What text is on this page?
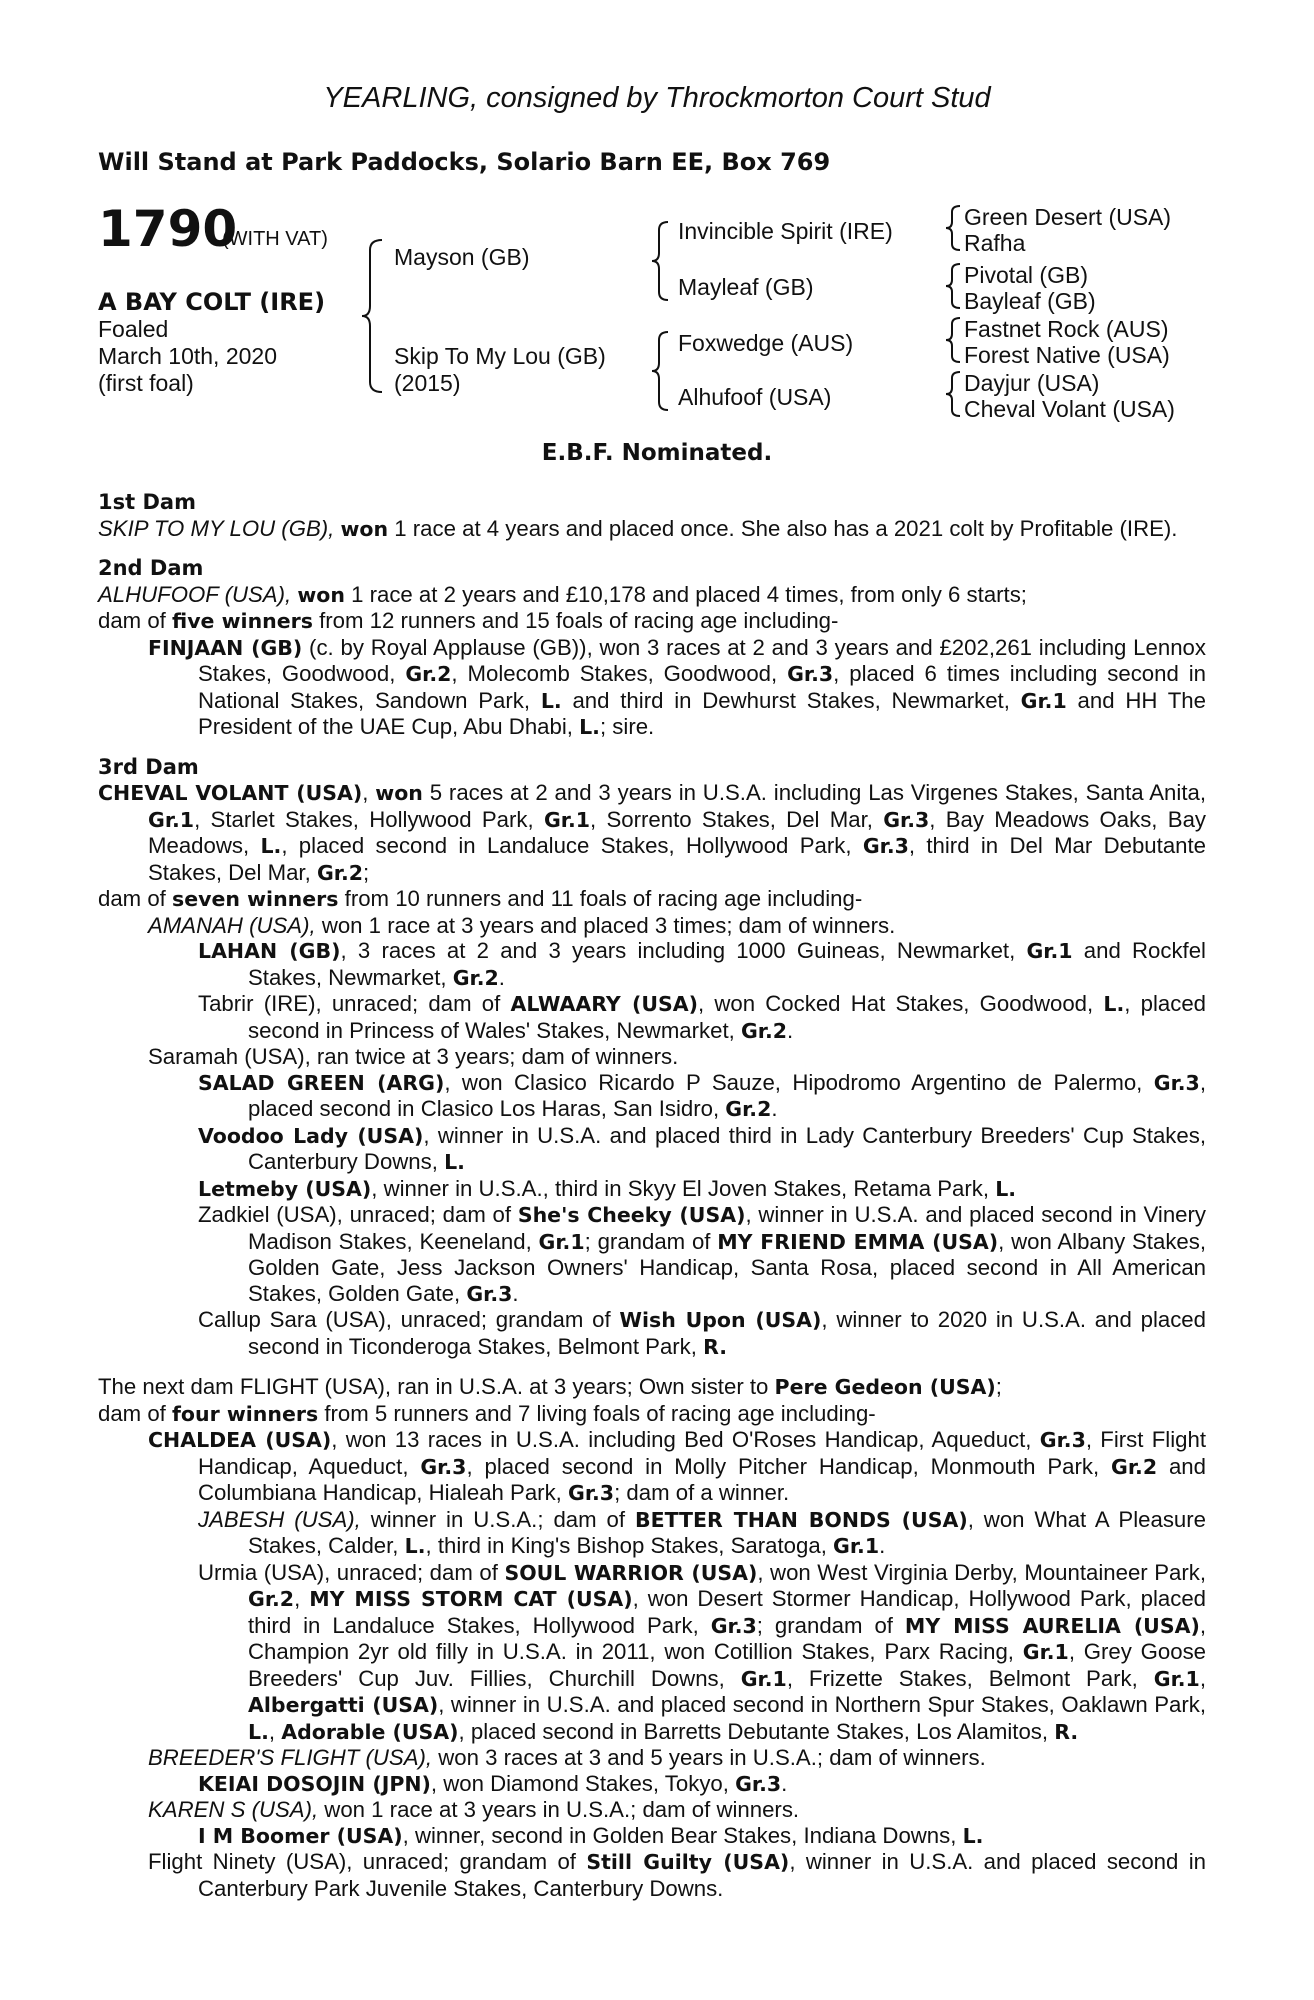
YEARLING, consigned by Throckmorton Court Stud
Will Stand at Park Paddocks, Solario Barn EE, Box 769
1790
(WITH VAT)
A BAY COLT (IRE)
Foaled
March 10th, 2020
(first foal)
Mayson (GB)
Skip To My Lou (GB)
(2015)
Invincible Spirit (IRE)
Mayleaf (GB)
Foxwedge (AUS)
Alhufoof (USA)
Green Desert (USA)
Rafha
Pivotal (GB)
Bayleaf (GB)
Fastnet Rock (AUS)
Forest Native (USA)
Dayjur (USA)
Cheval Volant (USA)
E.B.F. Nominated.
1st Dam
SKIP TO MY LOU (GB), won 1 race at 4 years and placed once. She also has a 2021 colt by Profitable (IRE).
2nd Dam
ALHUFOOF (USA), won 1 race at 2 years and £10,178 and placed 4 times, from only 6 starts;
dam of five winners from 12 runners and 15 foals of racing age including-
FINJAAN (GB) (c. by Royal Applause (GB)), won 3 races at 2 and 3 years and £202,261 including Lennox Stakes, Goodwood, Gr.2, Molecomb Stakes, Goodwood, Gr.3, placed 6 times including second in National Stakes, Sandown Park, L. and third in Dewhurst Stakes, Newmarket, Gr.1 and HH The President of the UAE Cup, Abu Dhabi, L.; sire.
3rd Dam
CHEVAL VOLANT (USA), won 5 races at 2 and 3 years in U.S.A. including Las Virgenes Stakes, Santa Anita, Gr.1, Starlet Stakes, Hollywood Park, Gr.1, Sorrento Stakes, Del Mar, Gr.3, Bay Meadows Oaks, Bay Meadows, L., placed second in Landaluce Stakes, Hollywood Park, Gr.3, third in Del Mar Debutante Stakes, Del Mar, Gr.2;
dam of seven winners from 10 runners and 11 foals of racing age including-
AMANAH (USA), won 1 race at 3 years and placed 3 times; dam of winners.
LAHAN (GB), 3 races at 2 and 3 years including 1000 Guineas, Newmarket, Gr.1 and Rockfel Stakes, Newmarket, Gr.2.
Tabrir (IRE), unraced; dam of ALWAARY (USA), won Cocked Hat Stakes, Goodwood, L., placed second in Princess of Wales' Stakes, Newmarket, Gr.2.
Saramah (USA), ran twice at 3 years; dam of winners.
SALAD GREEN (ARG), won Clasico Ricardo P Sauze, Hipodromo Argentino de Palermo, Gr.3, placed second in Clasico Los Haras, San Isidro, Gr.2.
Voodoo Lady (USA), winner in U.S.A. and placed third in Lady Canterbury Breeders' Cup Stakes, Canterbury Downs, L.
Letmeby (USA), winner in U.S.A., third in Skyy El Joven Stakes, Retama Park, L.
Zadkiel (USA), unraced; dam of She's Cheeky (USA), winner in U.S.A. and placed second in Vinery Madison Stakes, Keeneland, Gr.1; grandam of MY FRIEND EMMA (USA), won Albany Stakes, Golden Gate, Jess Jackson Owners' Handicap, Santa Rosa, placed second in All American Stakes, Golden Gate, Gr.3.
Callup Sara (USA), unraced; grandam of Wish Upon (USA), winner to 2020 in U.S.A. and placed second in Ticonderoga Stakes, Belmont Park, R.
The next dam FLIGHT (USA), ran in U.S.A. at 3 years; Own sister to Pere Gedeon (USA);
dam of four winners from 5 runners and 7 living foals of racing age including-
CHALDEA (USA), won 13 races in U.S.A. including Bed O'Roses Handicap, Aqueduct, Gr.3, First Flight Handicap, Aqueduct, Gr.3, placed second in Molly Pitcher Handicap, Monmouth Park, Gr.2 and Columbiana Handicap, Hialeah Park, Gr.3; dam of a winner.
JABESH (USA), winner in U.S.A.; dam of BETTER THAN BONDS (USA), won What A Pleasure Stakes, Calder, L., third in King's Bishop Stakes, Saratoga, Gr.1.
Urmia (USA), unraced; dam of SOUL WARRIOR (USA), won West Virginia Derby, Mountaineer Park, Gr.2, MY MISS STORM CAT (USA), won Desert Stormer Handicap, Hollywood Park, placed third in Landaluce Stakes, Hollywood Park, Gr.3; grandam of MY MISS AURELIA (USA), Champion 2yr old filly in U.S.A. in 2011, won Cotillion Stakes, Parx Racing, Gr.1, Grey Goose Breeders' Cup Juv. Fillies, Churchill Downs, Gr.1, Frizette Stakes, Belmont Park, Gr.1, Albergatti (USA), winner in U.S.A. and placed second in Northern Spur Stakes, Oaklawn Park, L., Adorable (USA), placed second in Barretts Debutante Stakes, Los Alamitos, R.
BREEDER'S FLIGHT (USA), won 3 races at 3 and 5 years in U.S.A.; dam of winners.
KEIAI DOSOJIN (JPN), won Diamond Stakes, Tokyo, Gr.3.
KAREN S (USA), won 1 race at 3 years in U.S.A.; dam of winners.
I M Boomer (USA), winner, second in Golden Bear Stakes, Indiana Downs, L.
Flight Ninety (USA), unraced; grandam of Still Guilty (USA), winner in U.S.A. and placed second in Canterbury Park Juvenile Stakes, Canterbury Downs.
